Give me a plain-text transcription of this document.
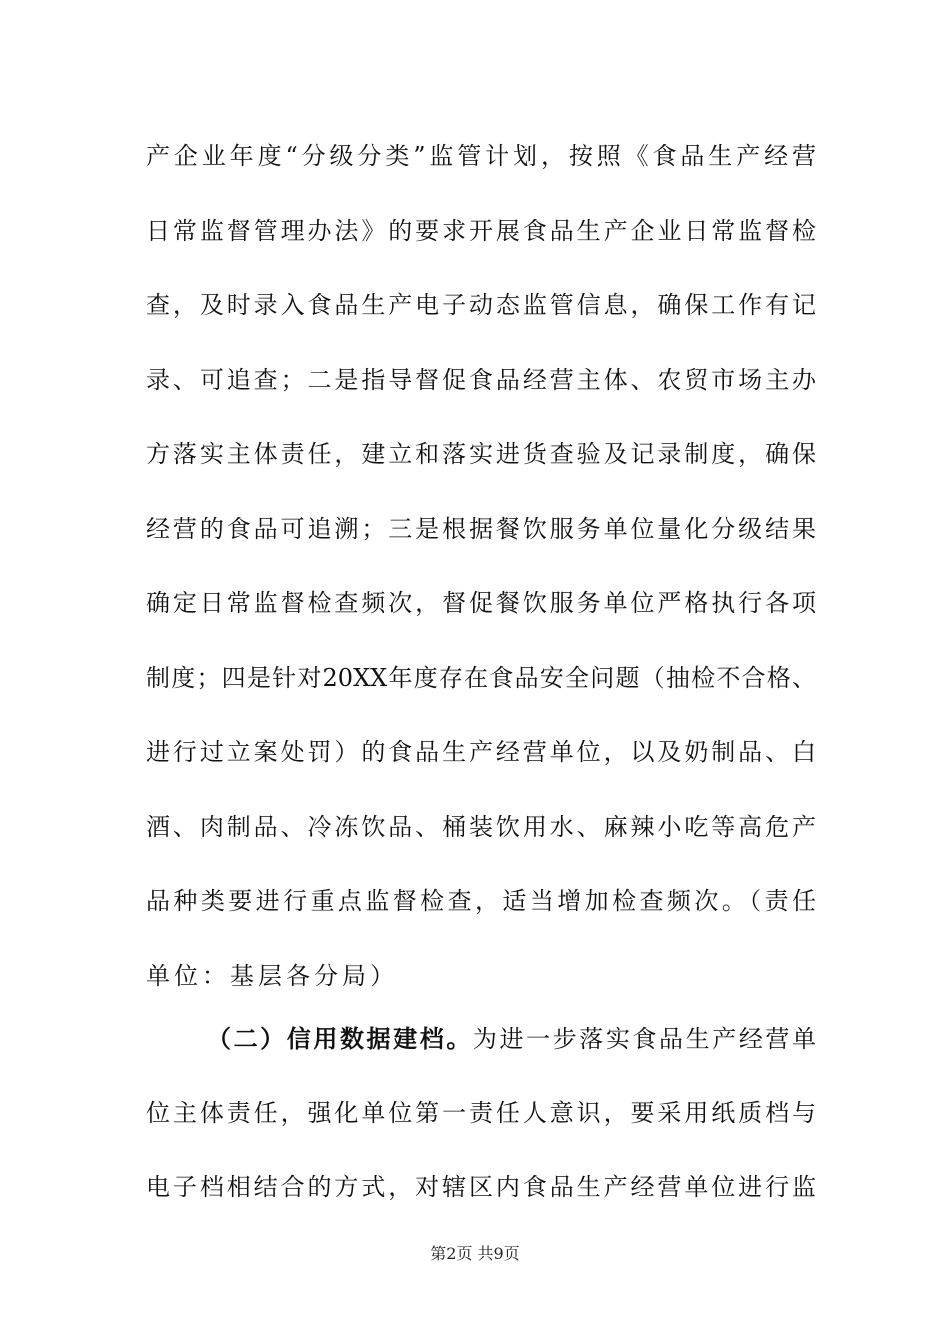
产企业年度“分级分类”监管计划，按照《食品生产经营
日常监督管理办法》的要求开展食品生产企业日常监督检
查，及时录入食品生产电子动态监管信息，确保工作有记
录、可追查；二是指导督促食品经营主体、农贸市场主办
方落实主体责任，建立和落实进货查验及记录制度，确保
经营的食品可追溯；三是根据餐饮服务单位量化分级结果
确定日常监督检查频次，督促餐饮服务单位严格执行各项
制度；四是针对20XX年度存在食品安全问题（抽检不合格、
进行过立案处罚）的食品生产经营单位，以及奶制品、白
酒、肉制品、冷冻饮品、桶装饮用水、麻辣小吃等高危产
品种类要进行重点监督检查，适当增加检查频次。（责任
单位：基层各分局）
（二）信用数据建档。为进一步落实食品生产经营单
位主体责任，强化单位第一责任人意识，要采用纸质档与
电子档相结合的方式，对辖区内食品生产经营单位进行监
第2页 共9页
